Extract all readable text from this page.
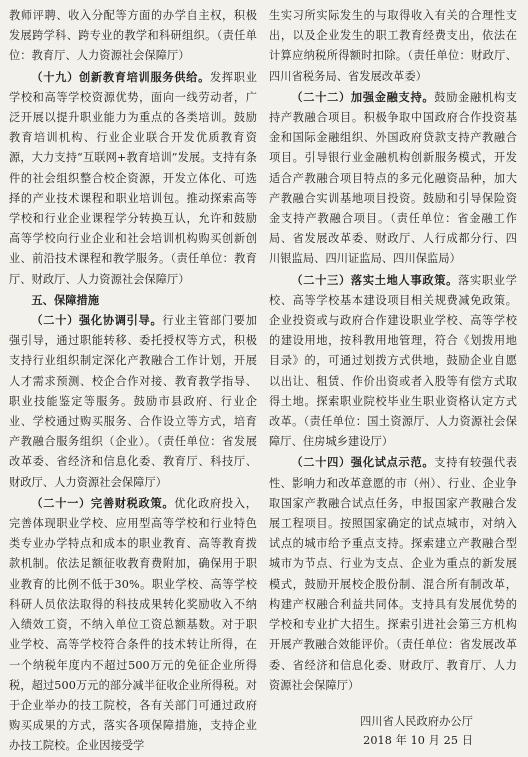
教师评聘、收入分配等方面的办学自主权，积极发展跨学科、跨专业的教学和科研组织。（责任单位：教育厅、人力资源社会保障厅）

（十九）创新教育培训服务供给。发挥职业学校和高等学校资源优势，面向一线劳动者，广泛开展以提升职业能力为重点的各类培训。鼓励教育培训机构、行业企业联合开发优质教育资源，大力支持“互联网+教育培训”发展。支持有条件的社会组织整合校企资源，开发立体化、可选择的产业技术课程和职业培训包。推动探索高等学校和行业企业课程学分转换互认，允许和鼓励高等学校向行业企业和社会培训机构购买创新创业、前沿技术课程和教学服务。（责任单位：教育厅、财政厅、人力资源社会保障厅）

五、保障措施

（二十）强化协调引导。行业主管部门要加强引导，通过职能转移、委托授权等方式，积极支持行业组织制定深化产教融合工作计划，开展人才需求预测、校企合作对接、教育教学指导、职业技能鉴定等服务。鼓励市县政府、行业企业、学校通过购买服务、合作设立等方式，培育产教融合服务组织（企业）。（责任单位：省发展改革委、省经济和信息化委、教育厅、科技厅、财政厅、人力资源社会保障厅）

（二十一）完善财税政策。优化政府投入，完善体现职业学校、应用型高等学校和行业特色类专业办学特点和成本的职业教育、高等教育拨款机制。依法足额征收教育费附加，确保用于职业教育的比例不低于30%。职业学校、高等学校科研人员依法取得的科技成果转化奖励收入不纳入绩效工资，不纳入单位工资总额基数。对于职业学校、高等学校符合条件的技术转让所得，在一个纳税年度内不超过500万元的免征企业所得税，超过500万元的部分减半征收企业所得税。对于企业举办的技工院校，各有关部门可通过政府购买成果的方式，落实各项保障措施，支持企业办技工院校。企业因接受学

生实习所实际发生的与取得收入有关的合理性支出，以及企业发生的职工教育经费支出，依法在计算应纳税所得额时扣除。（责任单位：财政厅、四川省税务局、省发展改革委）

（二十二）加强金融支持。鼓励金融机构支持产教融合项目。积极争取中国政府合作投资基金和国际金融组织、外国政府贷款支持产教融合项目。引导银行业金融机构创新服务模式，开发适合产教融合项目特点的多元化融资品种，加大产教融合实训基地项目投资。鼓励和引导保险资金支持产教融合项目。（责任单位：省金融工作局、省发展改革委、财政厅、人行成都分行、四川银监局、四川证监局、四川保监局）

（二十三）落实土地人事政策。落实职业学校、高等学校基本建设项目相关规费减免政策。企业投资或与政府合作建设职业学校、高等学校的建设用地，按科教用地管理，符合《划拨用地目录》的，可通过划拨方式供地，鼓励企业自愿以出让、租赁、作价出资或者入股等有偿方式取得土地。探索职业院校毕业生职业资格认定方式改革。（责任单位：国土资源厅、人力资源社会保障厅、住房城乡建设厅）

（二十四）强化试点示范。支持有较强代表性、影响力和改革意愿的市（州）、行业、企业争取国家产教融合试点任务，申报国家产教融合发展工程项目。按照国家确定的试点城市，对纳入试点的城市给予重点支持。探索建立产教融合型城市为节点、行业为支点、企业为重点的新发展模式，鼓励开展校企股份制、混合所有制改革，构建产权融合利益共同体。支持具有发展优势的学校和专业扩大招生。探索引进社会第三方机构开展产教融合效能评价。（责任单位：省发展改革委、省经济和信息化委、财政厅、教育厅、人力资源社会保障厅）

四川省人民政府办公厅
2018 年 10 月 25 日
